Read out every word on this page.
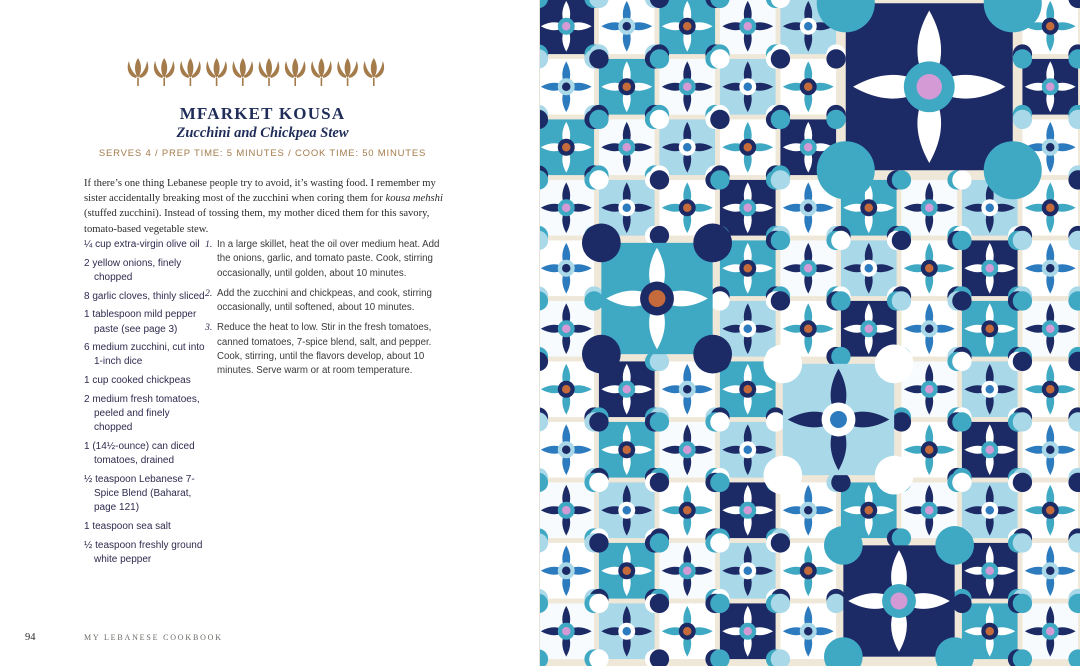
MFARKET KOUSA
Zucchini and Chickpea Stew
SERVES 4 / PREP TIME: 5 MINUTES / COOK TIME: 50 MINUTES

If there’s one thing Lebanese people try to avoid, it’s wasting food. I remember my sister accidentally breaking most of the zucchini when coring them for kousa mehshi (stuffed zucchini). Instead of tossing them, my mother diced them for this savory, tomato-based vegetable stew.

¼ cup extra-virgin olive oil
2 yellow onions, finely chopped
8 garlic cloves, thinly sliced
1 tablespoon mild pepper paste (see page 3)
6 medium zucchini, cut into 1-inch dice
1 cup cooked chickpeas
2 medium fresh tomatoes, peeled and finely chopped
1 (14½-ounce) can diced tomatoes, drained
½ teaspoon Lebanese 7-Spice Blend (Baharat, page 121)
1 teaspoon sea salt
½ teaspoon freshly ground white pepper
1. In a large skillet, heat the oil over medium heat. Add the onions, garlic, and tomato paste. Cook, stirring occasionally, until golden, about 10 minutes.
2. Add the zucchini and chickpeas, and cook, stirring occasionally, until softened, about 10 minutes.
3. Reduce the heat to low. Stir in the fresh tomatoes, canned tomatoes, 7-spice blend, salt, and pepper. Cook, stirring, until the flavors develop, about 10 minutes. Serve warm or at room temperature.
94	MY LEBANESE COOKBOOK
